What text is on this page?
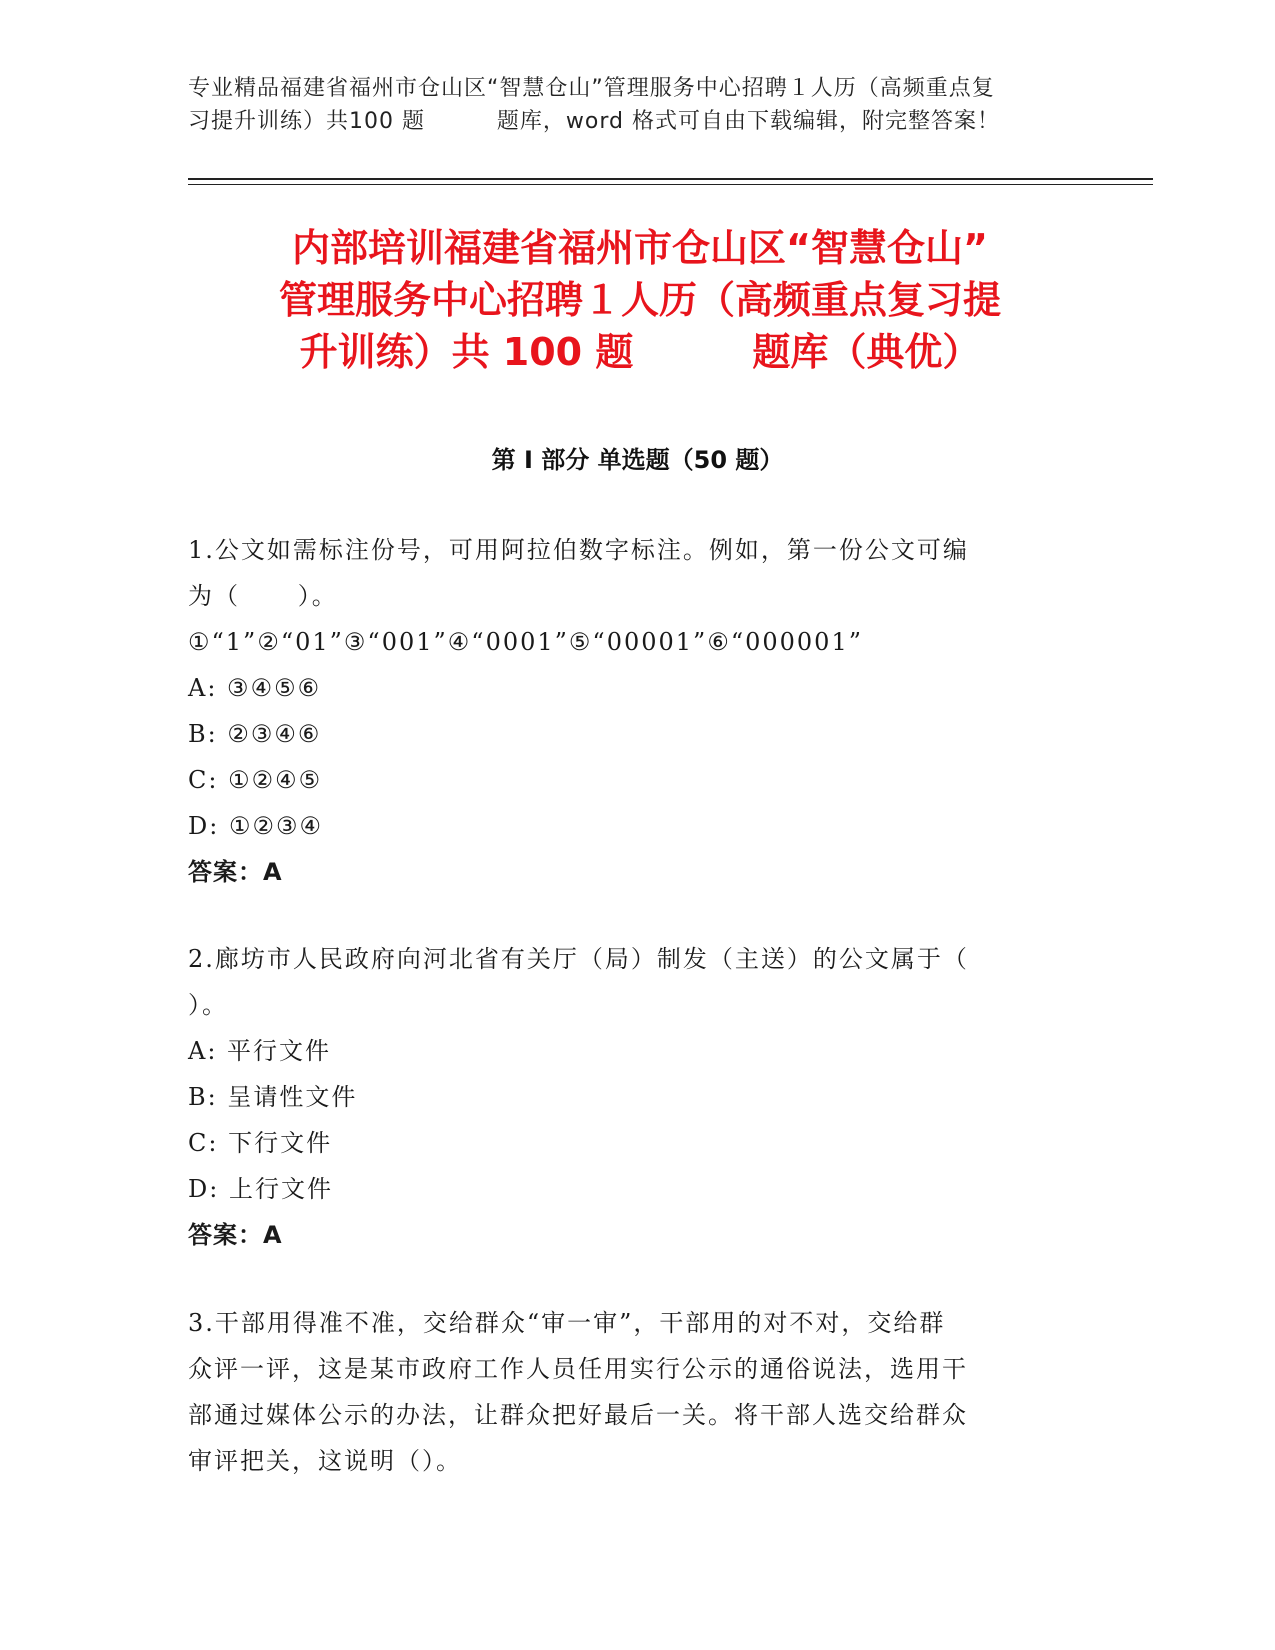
专业精品福建省福州市仓山区“智慧仓山”管理服务中心招聘１人历（高频重点复
习提升训练）共100 题         题库，word 格式可自由下载编辑，附完整答案！
内部培训福建省福州市仓山区“智慧仓山”
管理服务中心招聘１人历（高频重点复习提
升训练）共 100 题         题库（典优）
第 I 部分 单选题（50 题）
1.公文如需标注份号，可用阿拉伯数字标注。例如，第一份公文可编
为（      ）。
①“1”②“01”③“001”④“0001”⑤“00001”⑥“000001”
A: ③④⑤⑥
B: ②③④⑥
C: ①②④⑤
D: ①②③④
答案：A
2.廊坊市人民政府向河北省有关厅（局）制发（主送）的公文属于（
）。
A: 平行文件
B: 呈请性文件
C: 下行文件
D: 上行文件
答案：A
3.干部用得准不准，交给群众“审一审”，干部用的对不对，交给群
众评一评，这是某市政府工作人员任用实行公示的通俗说法，选用干
部通过媒体公示的办法，让群众把好最后一关。将干部人选交给群众
审评把关，这说明（）。
